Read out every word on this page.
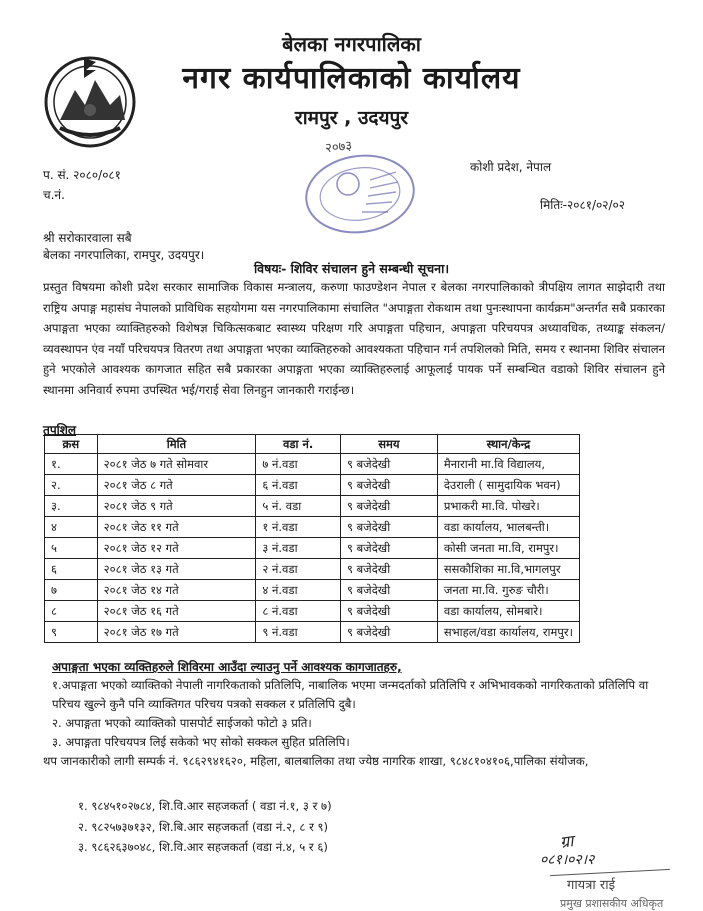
बेलका नगरपालिका
नगर कार्यपालिकाको कार्यालय
रामपुर , उदयपुर
२०७३
प. सं. २०८०/०८१
च.नं.
कोशी प्रदेश, नेपाल
मितिः-२०८१/०२/०२
श्री सरोकारवाला सबै
बेलका नगरपालिका, रामपुर, उदयपुर।
विषयः- शिविर संचालन हुने सम्बन्धी सूचना।
प्रस्तुत विषयमा कोशी प्रदेश सरकार सामाजिक विकास मन्त्रालय, करुणा फाउण्डेशन नेपाल र बेलका नगरपालिकाको त्रीपक्षिय लागत साझेदारी तथा राष्ट्रिय अपाङ्ग महासंघ नेपालको प्राविधिक सहयोगमा यस नगरपालिकामा संचालित "अपाङ्गता रोकथाम तथा पुनःस्थापना कार्यक्रम"अन्तर्गत सबै प्रकारका अपाङ्गता भएका व्याक्तिहरुको विशेषज्ञ चिकित्सकबाट स्वास्थ्य परिक्षण गरि अपाङ्गता पहिचान, अपाङ्गता परिचयपत्र अध्यावधिक, तथ्याङ्क संकलन/व्यवस्थापन एंव नयाँ परिचयपत्र वितरण तथा अपाङ्गता भएका व्याक्तिहरुको आवश्यकता पहिचान गर्न तपशिलको मिति, समय र स्थानमा शिविर संचालन हुने भएकोले आवश्यक कागजात सहित सबै प्रकारका अपाङ्गता भएका व्याक्तिहरुलाई आफूलाई पायक पर्ने सम्बन्धित वडाको शिविर संचालन हुने स्थानमा अनिवार्य रुपमा उपस्थित भई/गराई सेवा लिनहुन जानकारी गराईन्छ।
तपशिल
क्रस	मिति	वडा नं.	समय	स्थान/केन्द्र
१.	२०८१ जेठ ७ गते सोमवार	७ नं.वडा	९ बजेदेखी	मैनारानी मा.वि विद्यालय,
२.	२०८१ जेठ ८ गते	६ नं.वडा	९ बजेदेखी	देउराली ( सामुदायिक भवन)
३.	२०८१ जेठ ९ गते	५ नं. वडा	९ बजेदेखी	प्रभाकरी मा.वि. पोखरे।
४	२०८१ जेठ ११ गते	१ नं.वडा	९ बजेदेखी	वडा कार्यालय, भालबन्ती।
५	२०८१ जेठ १२ गते	३ नं.वडा	९ बजेदेखी	कोसी जनता मा.वि, रामपुर।
६	२०८१ जेठ १३ गते	२ नं.वडा	९ बजेदेखी	ससकौशिका मा.वि,भागलपुर
७	२०८१ जेठ १४ गते	४ नं.वडा	९ बजेदेखी	जनता मा.वि. गुरुङ चौरी।
८	२०८१ जेठ १६ गते	८ नं.वडा	९ बजेदेखी	वडा कार्यालय, सोमबारे।
९	२०८१ जेठ १७ गते	९ नं.वडा	९ बजेदेखी	सभाहल/वडा कार्यालय, रामपुर।
अपाङ्गता भएका व्यक्तिहरुले शिविरमा आउँदा ल्याउनु पर्ने आवश्यक कागजातहरु,
१.अपाङ्गता भएको व्याक्तिको नेपाली नागरिकताको प्रतिलिपि, नाबालिक भएमा जन्मदर्ताको प्रतिलिपि र अभिभावकको नागरिकताको प्रतिलिपि वा परिचय खुल्ने कुनै पनि व्याक्तिगत परिचय पत्रको सक्कल र प्रतिलिपि दुबै।
२. अपाङ्गता भएको व्याक्तिको पासपोर्ट साईजको फोटो ३ प्रति।
३. अपाङ्गता परिचयपत्र लिई सकेको भए सोको सक्कल सुहित प्रतिलिपि।
थप जानकारीको लागी सम्पर्क नं. ९८६२९४१६२०, महिला, बालबालिका तथा ज्येष्ठ नागरिक शाखा, ९८४८१०४१०६,पालिका संयोजक,
१. ९८४५१०२७८४, शि.वि.आर सहजकर्ता ( वडा नं.१, ३ र ७)
२. ९८२५७३७१३२, शि.बि.आर सहजकर्ता (वडा नं.२, ८ र ९)
३. ९८६२६३७०४८, शि.वि.आर सहजकर्ता (वडा नं.४, ५ र ६)	ग्रा
०८१।०२।२
गायत्रा राई
प्रमुख प्रशासकीय अधिकृत
